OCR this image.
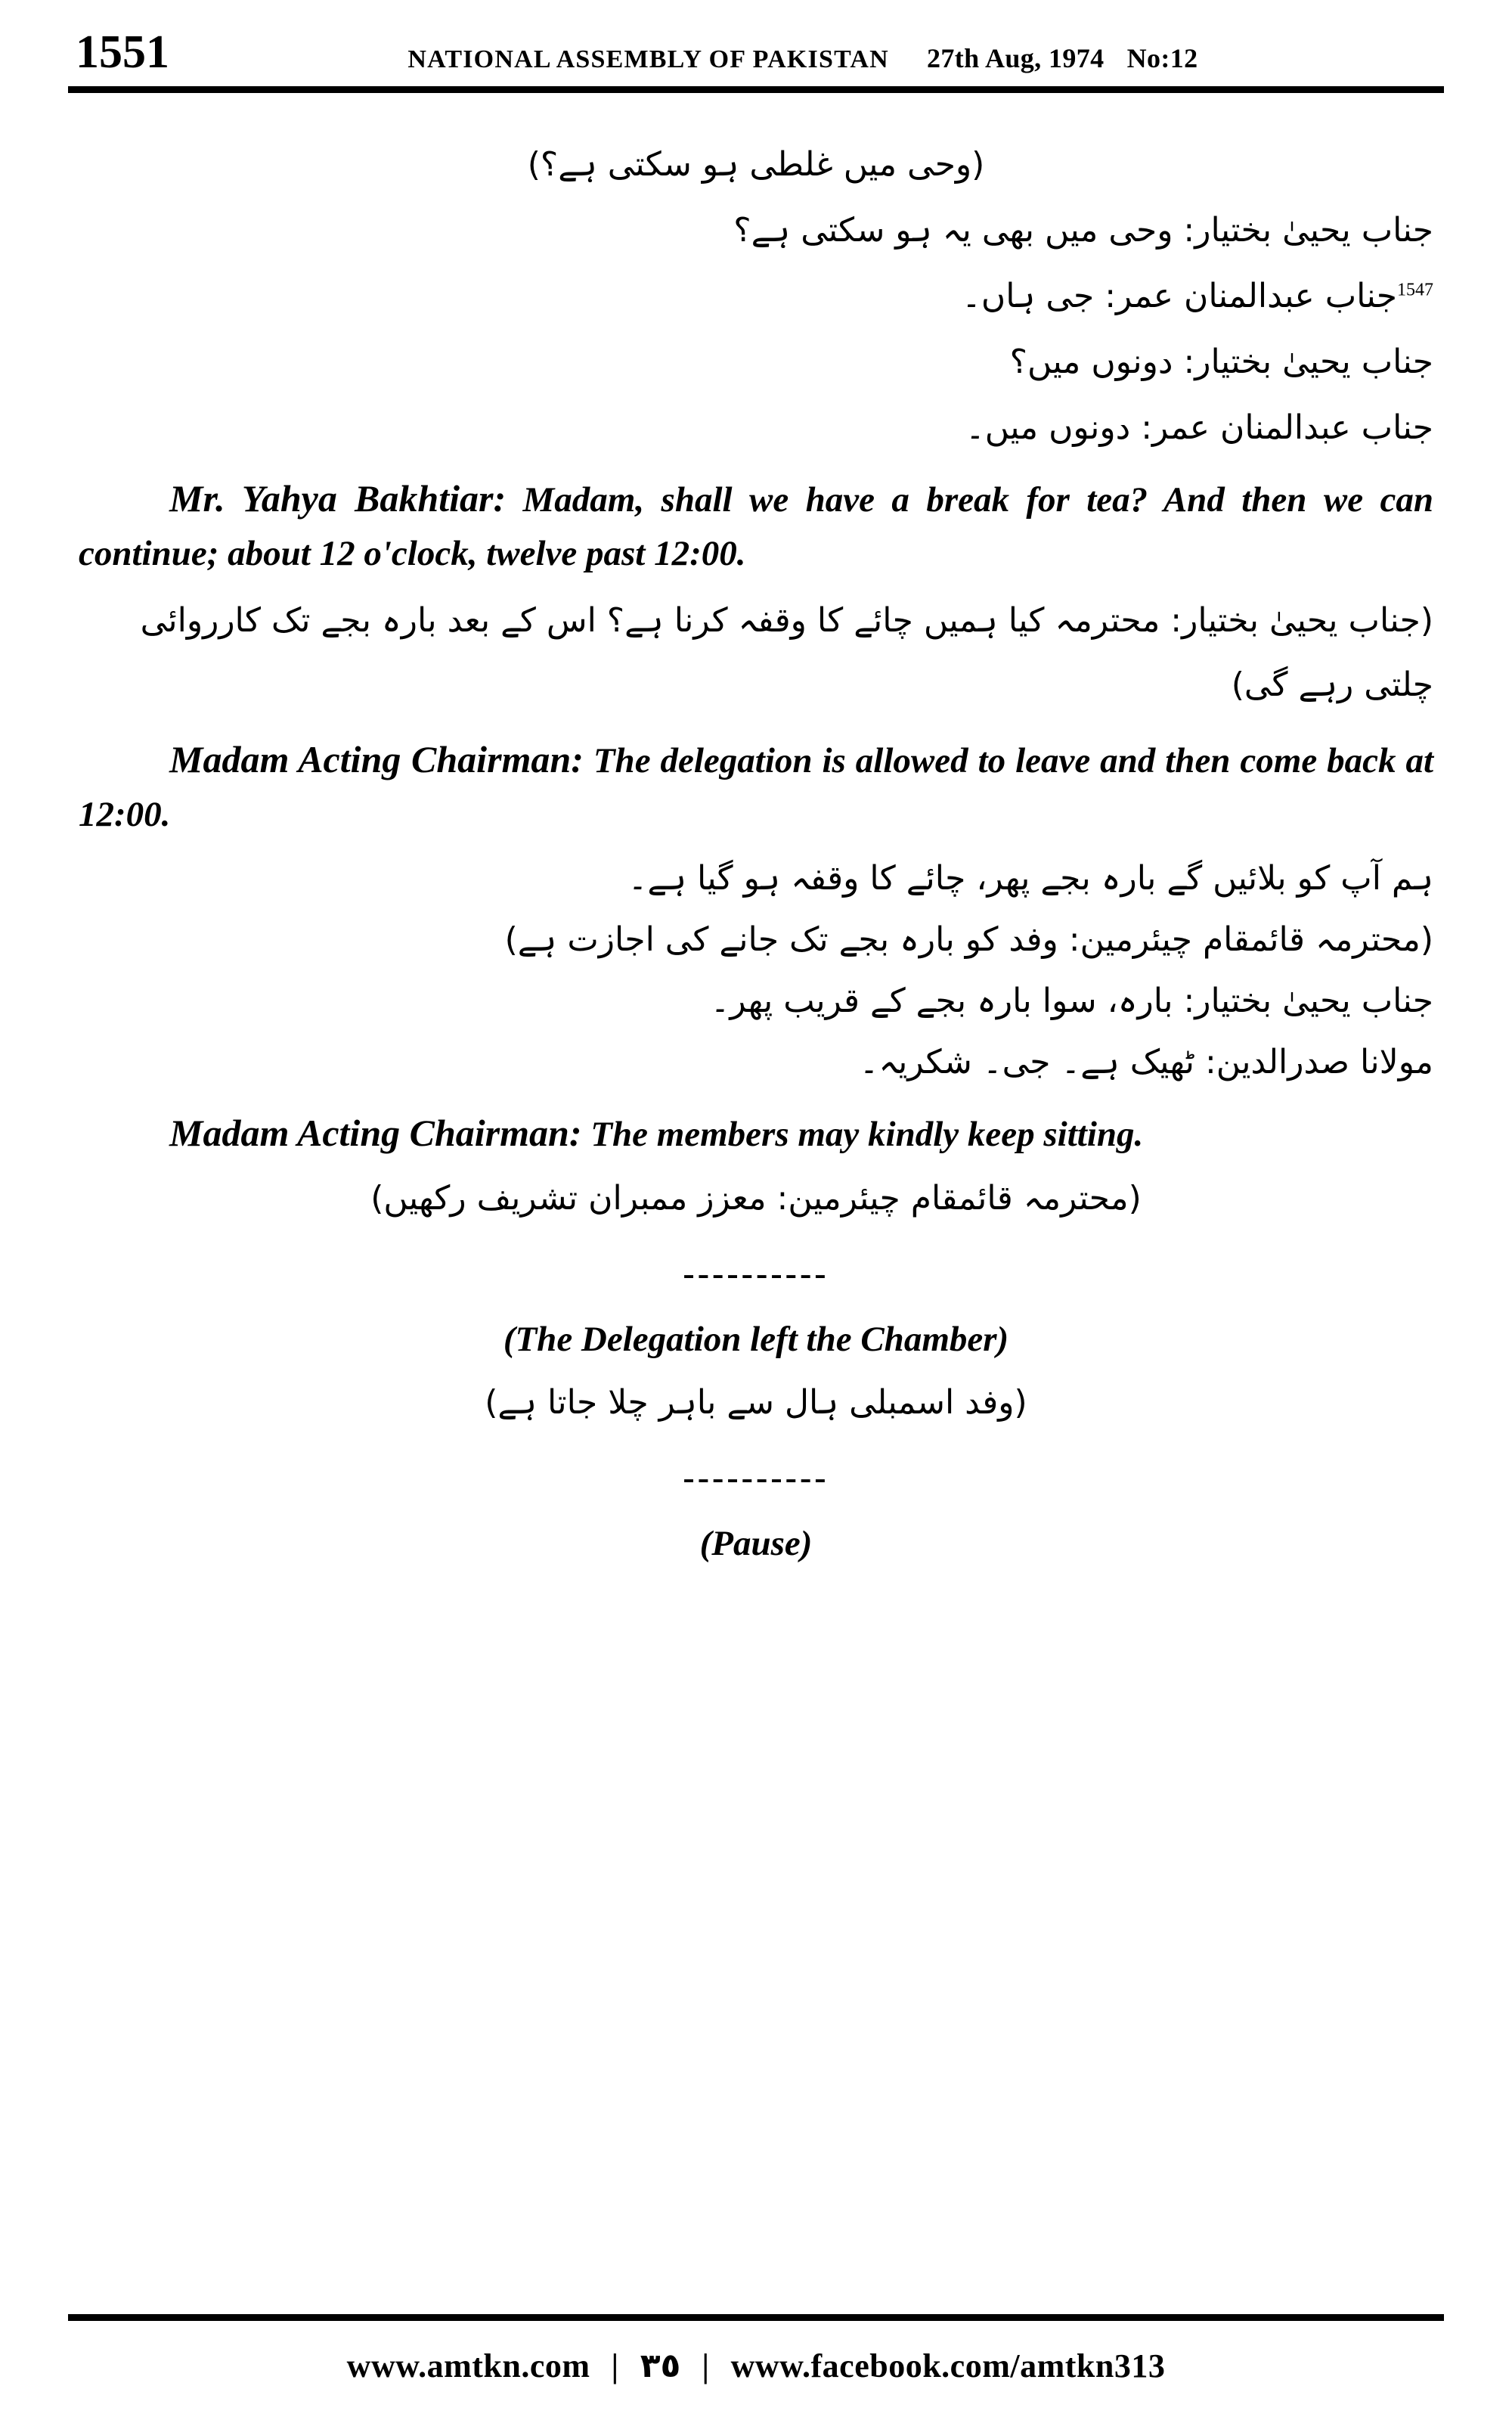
1551	NATIONAL ASSEMBLY OF PAKISTAN 27th Aug, 1974 No:12

(وحی میں غلطی ہو سکتی ہے؟)

جناب یحییٰ بختیار: وحی میں بھی یہ ہو سکتی ہے؟

$^{1547}$جناب عبدالمنان عمر: جی ہاں۔

جناب یحییٰ بختیار: دونوں میں؟

جناب عبدالمنان عمر: دونوں میں۔

Mr. Yahya Bakhtiar: Madam, shall we have a break for tea? And then we can continue; about 12 o'clock, twelve past 12:00.

(جناب یحییٰ بختیار: محترمہ کیا ہمیں چائے کا وقفہ کرنا ہے؟ اس کے بعد بارہ بجے تک کارروائی چلتی رہے گی)

Madam Acting Chairman: The delegation is allowed to leave and then come back at 12:00.

ہم آپ کو بلائیں گے بارہ بجے پھر، چائے کا وقفہ ہو گیا ہے۔

(محترمہ قائمقام چیئرمین: وفد کو بارہ بجے تک جانے کی اجازت ہے)

جناب یحییٰ بختیار: بارہ، سوا بارہ بجے کے قریب پھر۔

مولانا صدرالدین: ٹھیک ہے۔ جی۔ شکریہ۔

Madam Acting Chairman: The members may kindly keep sitting.

(محترمہ قائمقام چیئرمین: معزز ممبران تشریف رکھیں)

----------

(The Delegation left the Chamber)

(وفد اسمبلی ہال سے باہر چلا جاتا ہے)

----------

(Pause)

www.amtkn.com | ٣٥ | www.facebook.com/amtkn313
